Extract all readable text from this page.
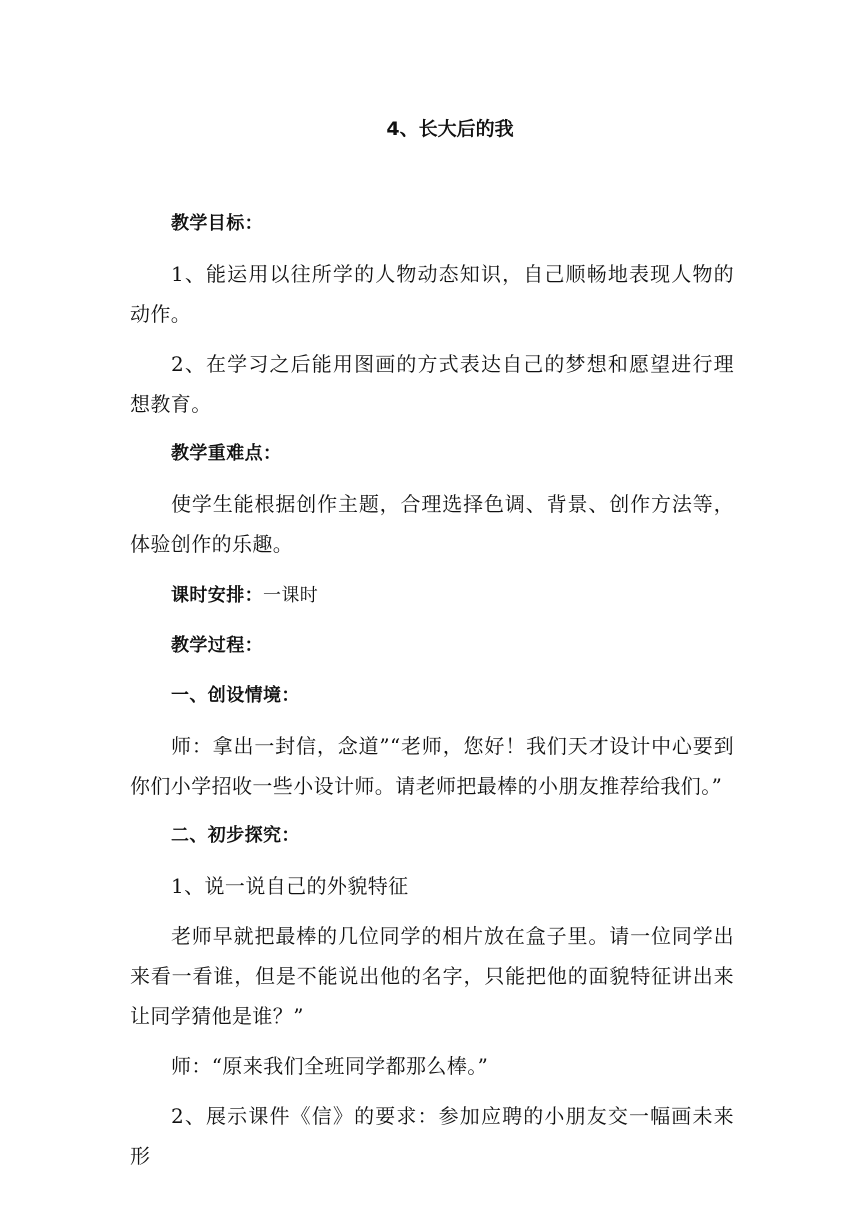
4、长大后的我

教学目标：

1、能运用以往所学的人物动态知识，自己顺畅地表现人物的动作。

2、在学习之后能用图画的方式表达自己的梦想和愿望进行理想教育。

教学重难点：

使学生能根据创作主题，合理选择色调、背景、创作方法等，体验创作的乐趣。

课时安排：一课时

教学过程：

一、创设情境：

师：拿出一封信，念道”“老师，您好！我们天才设计中心要到你们小学招收一些小设计师。请老师把最棒的小朋友推荐给我们。”

二、初步探究：

1、说一说自己的外貌特征

老师早就把最棒的几位同学的相片放在盒子里。请一位同学出来看一看谁，但是不能说出他的名字，只能把他的面貌特征讲出来让同学猜他是谁？”

师：“原来我们全班同学都那么棒。”

2、展示课件《信》的要求：参加应聘的小朋友交一幅画未来形
